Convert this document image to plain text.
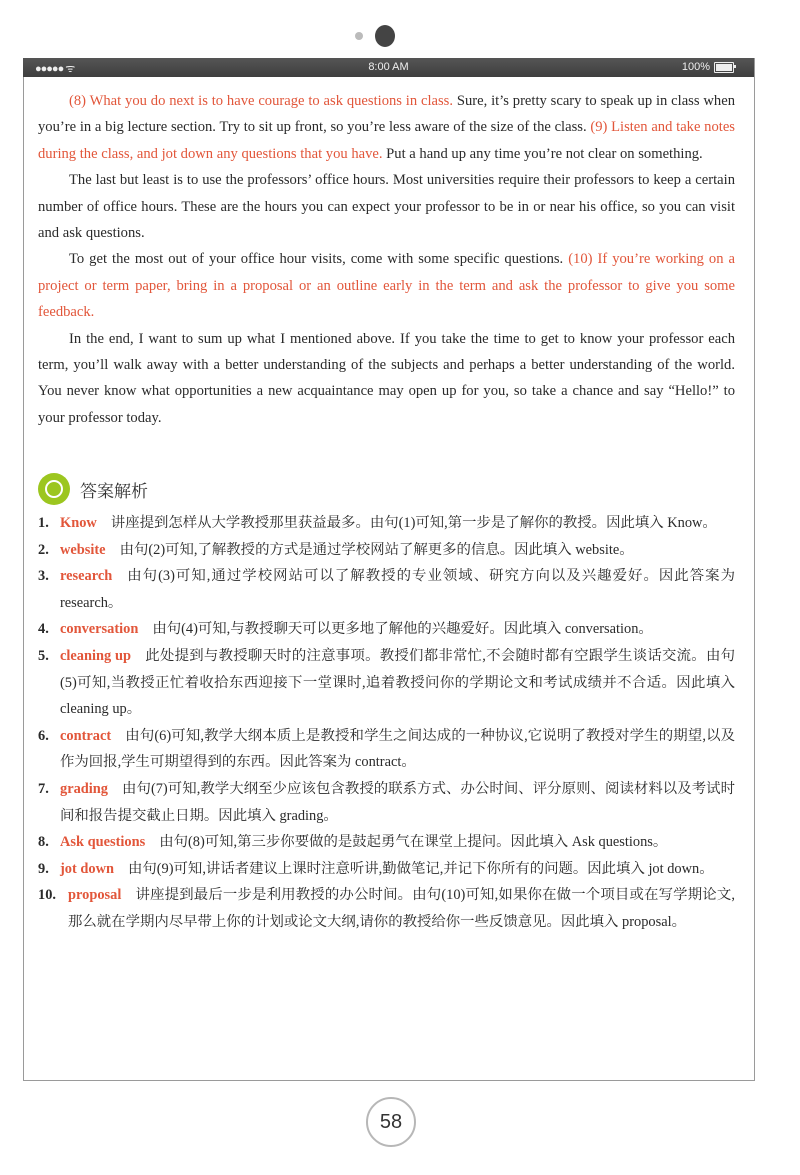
●●●●● ᯤ	8:00 AM	100%

(8) What you do next is to have courage to ask questions in class. Sure, it’s pretty scary to speak up in class when you’re in a big lecture section. Try to sit up front, so you’re less aware of the size of the class. (9) Listen and take notes during the class, and jot down any questions that you have. Put a hand up any time you’re not clear on something.

The last but least is to use the professors’ office hours. Most universities require their professors to keep a certain number of office hours. These are the hours you can expect your professor to be in or near his office, so you can visit and ask questions.

To get the most out of your office hour visits, come with some specific questions. (10) If you’re working on a project or term paper, bring in a proposal or an outline early in the term and ask the professor to give you some feedback.

In the end, I want to sum up what I mentioned above. If you take the time to get to know your professor each term, you’ll walk away with a better understanding of the subjects and perhaps a better understanding of the world. You never know what opportunities a new acquaintance may open up for you, so take a chance and say “Hello!” to your professor today.

答案解析
1. Know 讲座提到怎样从大学教授那里获益最多。由句(1)可知,第一步是了解你的教授。因此填入 Know。
2. website 由句(2)可知,了解教授的方式是通过学校网站了解更多的信息。因此填入 website。
3. research 由句(3)可知,通过学校网站可以了解教授的专业领域、研究方向以及兴趣爱好。因此答案为 research。
4. conversation 由句(4)可知,与教授聊天可以更多地了解他的兴趣爱好。因此填入 conversation。
5. cleaning up 此处提到与教授聊天时的注意事项。教授们都非常忙,不会随时都有空跟学生谈话交流。由句(5)可知,当教授正忙着收拾东西迎接下一堂课时,追着教授问你的学期论文和考试成绩并不合适。因此填入 cleaning up。
6. contract 由句(6)可知,教学大纲本质上是教授和学生之间达成的一种协议,它说明了教授对学生的期望,以及作为回报,学生可期望得到的东西。因此答案为 contract。
7. grading 由句(7)可知,教学大纲至少应该包含教授的联系方式、办公时间、评分原则、阅读材料以及考试时间和报告提交截止日期。因此填入 grading。
8. Ask questions 由句(8)可知,第三步你要做的是鼓起勇气在课堂上提问。因此填入 Ask questions。
9. jot down 由句(9)可知,讲话者建议上课时注意听讲,勤做笔记,并记下你所有的问题。因此填入 jot down。
10. proposal 讲座提到最后一步是利用教授的办公时间。由句(10)可知,如果你在做一个项目或在写学期论文,那么就在学期内尽早带上你的计划或论文大纲,请你的教授给你一些反馈意见。因此填入 proposal。
58
